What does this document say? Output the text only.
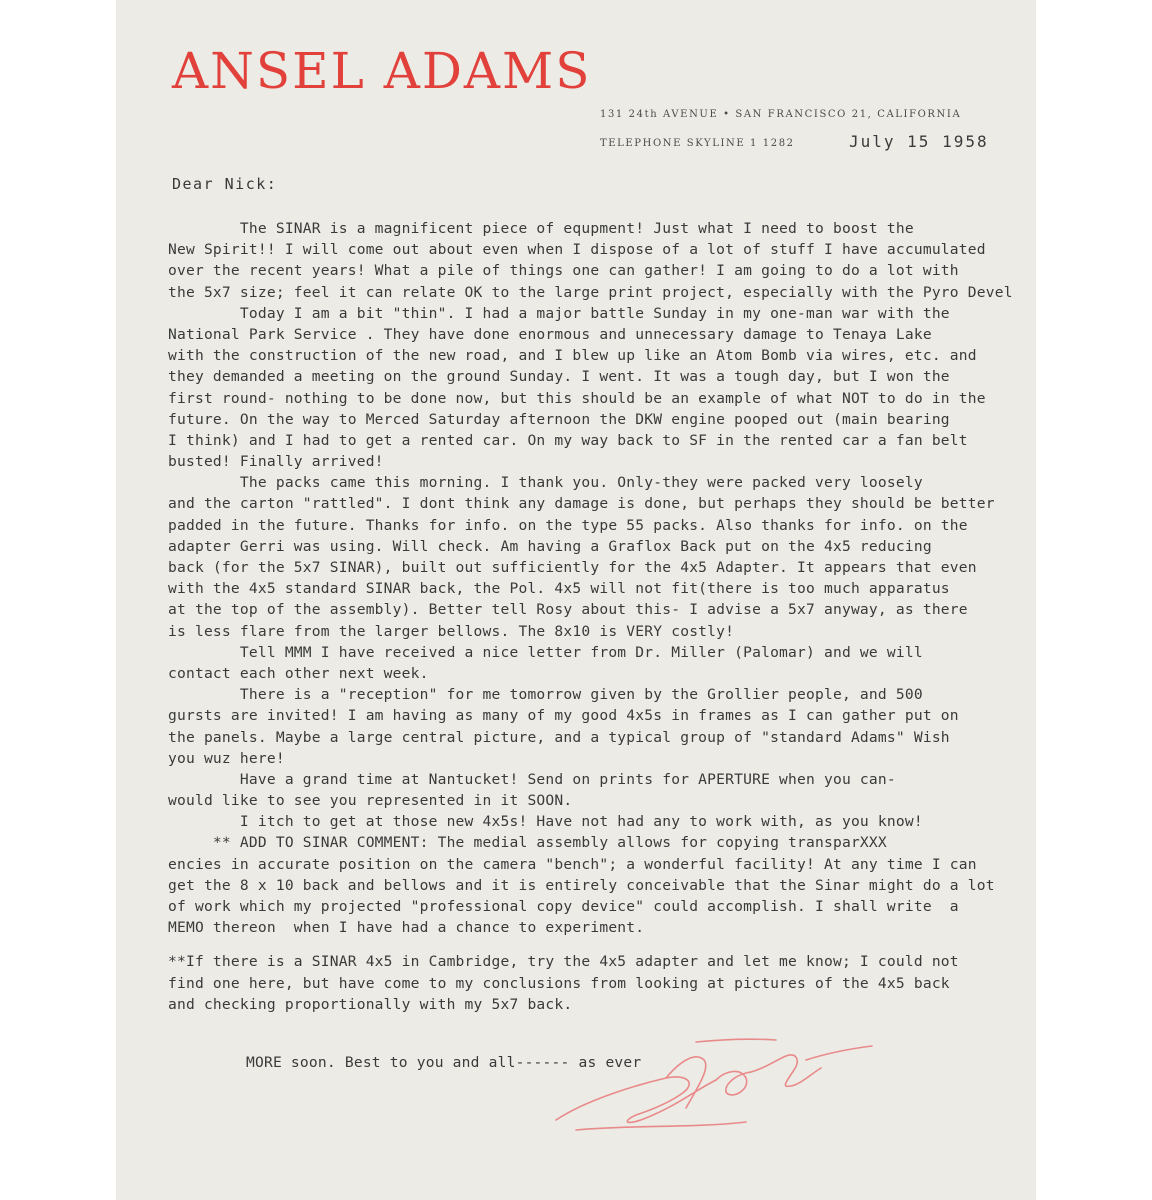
ANSEL ADAMS

131 24th AVENUE • SAN FRANCISCO 21, CALIFORNIA

TELEPHONE SKYLINE 1 1282	July 15 1958

Dear Nick:

The SINAR is a magnificent piece of equpment! Just what I need to boost the
New Spirit!! I will come out about even when I dispose of a lot of stuff I have accumulated
over the recent years! What a pile of things one can gather! I am going to do a lot with
the 5x7 size; feel it can relate OK to the large print project, especially with the Pyro Devel
Today I am a bit "thin". I had a major battle Sunday in my one-man war with the
National Park Service . They have done enormous and unnecessary damage to Tenaya Lake
with the construction of the new road, and I blew up like an Atom Bomb via wires, etc. and
they demanded a meeting on the ground Sunday. I went. It was a tough day, but I won the
first round- nothing to be done now, but this should be an example of what NOT to do in the
future. On the way to Merced Saturday afternoon the DKW engine pooped out (main bearing
I think) and I had to get a rented car. On my way back to SF in the rented car a fan belt
busted! Finally arrived!
The packs came this morning. I thank you. Only-they were packed very loosely
and the carton "rattled". I dont think any damage is done, but perhaps they should be better
padded in the future. Thanks for info. on the type 55 packs. Also thanks for info. on the
adapter Gerri was using. Will check. Am having a Graflox Back put on the 4x5 reducing
back (for the 5x7 SINAR), built out sufficiently for the 4x5 Adapter. It appears that even
with the 4x5 standard SINAR back, the Pol. 4x5 will not fit(there is too much apparatus
at the top of the assembly). Better tell Rosy about this- I advise a 5x7 anyway, as there
is less flare from the larger bellows. The 8x10 is VERY costly!
Tell MMM I have received a nice letter from Dr. Miller (Palomar) and we will
contact each other next week.
There is a "reception" for me tomorrow given by the Grollier people, and 500
gursts are invited! I am having as many of my good 4x5s in frames as I can gather put on
the panels. Maybe a large central picture, and a typical group of "standard Adams" Wish
you wuz here!
Have a grand time at Nantucket! Send on prints for APERTURE when you can-
would like to see you represented in it SOON.
I itch to get at those new 4x5s! Have not had any to work with, as you know!
** ADD TO SINAR COMMENT: The medial assembly allows for copying transparXXX
encies in accurate position on the camera "bench"; a wonderful facility! At any time I can
get the 8 x 10 back and bellows and it is entirely conceivable that the Sinar might do a lot
of work which my projected "professional copy device" could accomplish. I shall write  a
MEMO thereon  when I have had a chance to experiment.
**If there is a SINAR 4x5 in Cambridge, try the 4x5 adapter and let me know; I could not
find one here, but have come to my conclusions from looking at pictures of the 4x5 back
and checking proportionally with my 5x7 back.

MORE soon. Best to you and all------ as ever
